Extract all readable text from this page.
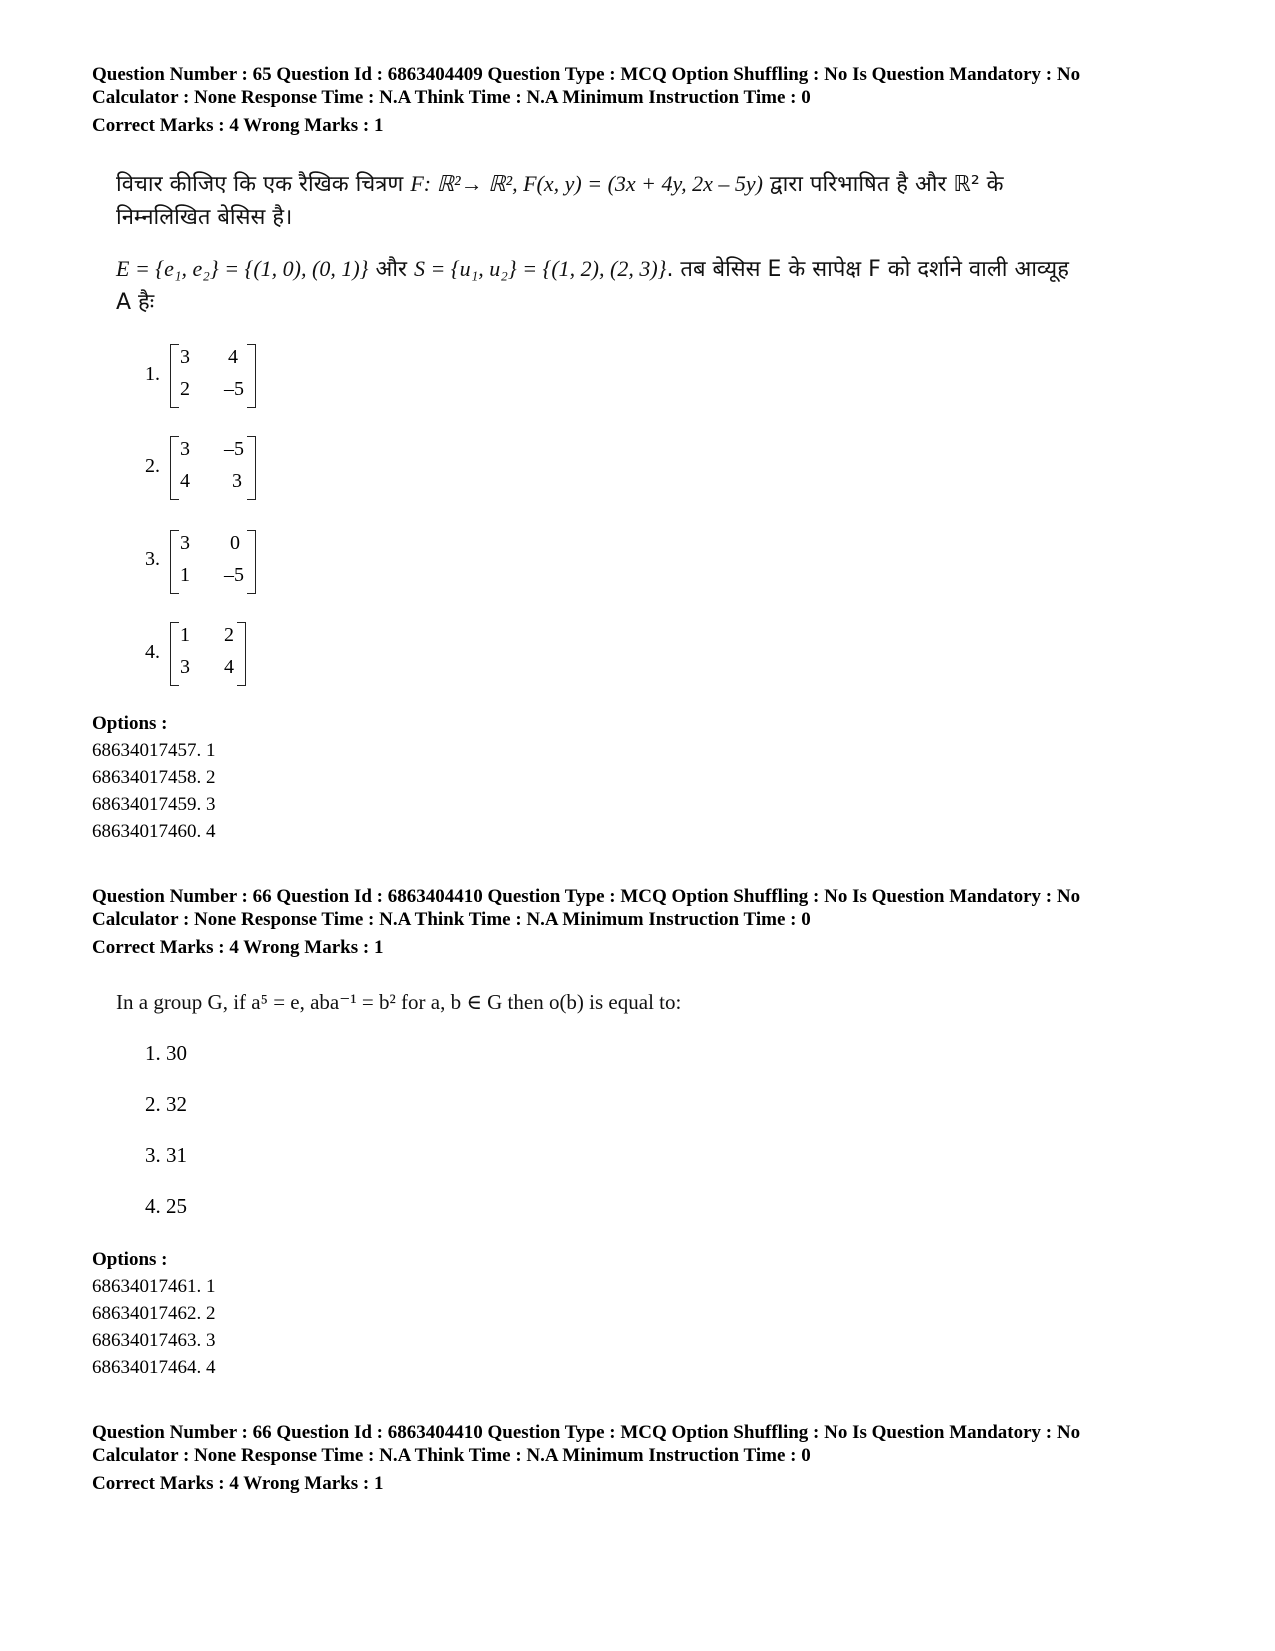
Question Number : 65 Question Id : 6863404409 Question Type : MCQ Option Shuffling : No Is Question Mandatory : No
Calculator : None Response Time : N.A Think Time : N.A Minimum Instruction Time : 0
Correct Marks : 4 Wrong Marks : 1
विचार कीजिए कि एक रैखिक चित्रण F: ℝ²→ ℝ², F(x, y) = (3x + 4y, 2x – 5y) द्वारा परिभाषित है और ℝ² के
निम्नलिखित बेसिस है।
E = {e₁, e₂} = {(1, 0), (0, 1)} और S = {u₁, u₂} = {(1, 2), (2, 3)}. तब बेसिस E के सापेक्ष F को दर्शाने वाली आव्यूह
A हैः
1.
3 4
2 –5
2.
3 –5
4 3
3.
3 0
1 –5
4.
1 2
3 4
Options :
68634017457. 1
68634017458. 2
68634017459. 3
68634017460. 4
Question Number : 66 Question Id : 6863404410 Question Type : MCQ Option Shuffling : No Is Question Mandatory : No
Calculator : None Response Time : N.A Think Time : N.A Minimum Instruction Time : 0
Correct Marks : 4 Wrong Marks : 1
In a group G, if a⁵ = e, aba⁻¹ = b² for a, b ∈ G then o(b) is equal to:
1. 30
2. 32
3. 31
4. 25
Options :
68634017461. 1
68634017462. 2
68634017463. 3
68634017464. 4
Question Number : 66 Question Id : 6863404410 Question Type : MCQ Option Shuffling : No Is Question Mandatory : No
Calculator : None Response Time : N.A Think Time : N.A Minimum Instruction Time : 0
Correct Marks : 4 Wrong Marks : 1
